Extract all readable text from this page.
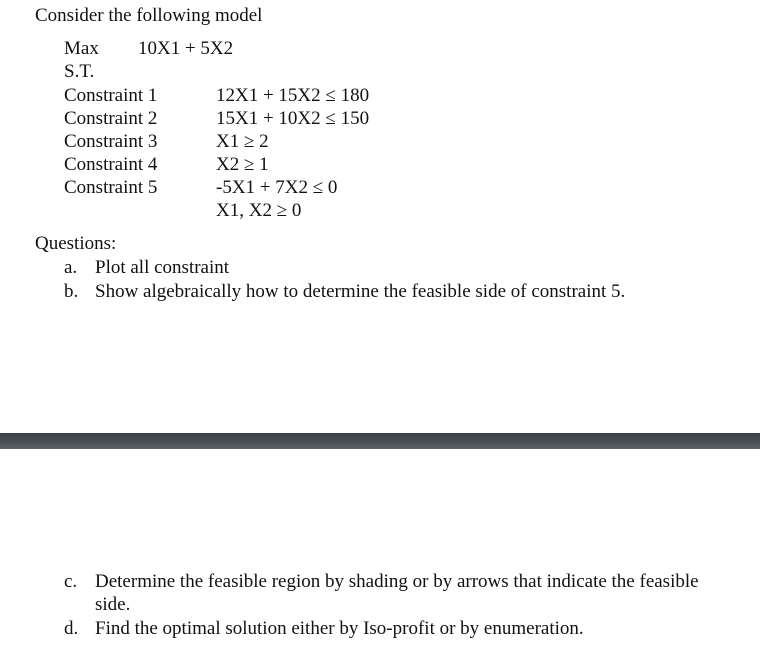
Consider the following model
Max 10X1 + 5X2
S.T.
Constraint 1	12X1 + 15X2 ≤ 180
Constraint 2	15X1 + 10X2 ≤ 150
Constraint 3	X1 ≥ 2
Constraint 4	X2 ≥ 1
Constraint 5	-5X1 + 7X2 ≤ 0
X1, X2 ≥ 0
Questions:
a. Plot all constraint
b. Show algebraically how to determine the feasible side of constraint 5.
c. Determine the feasible region by shading or by arrows that indicate the feasible
side.
d. Find the optimal solution either by Iso-profit or by enumeration.
